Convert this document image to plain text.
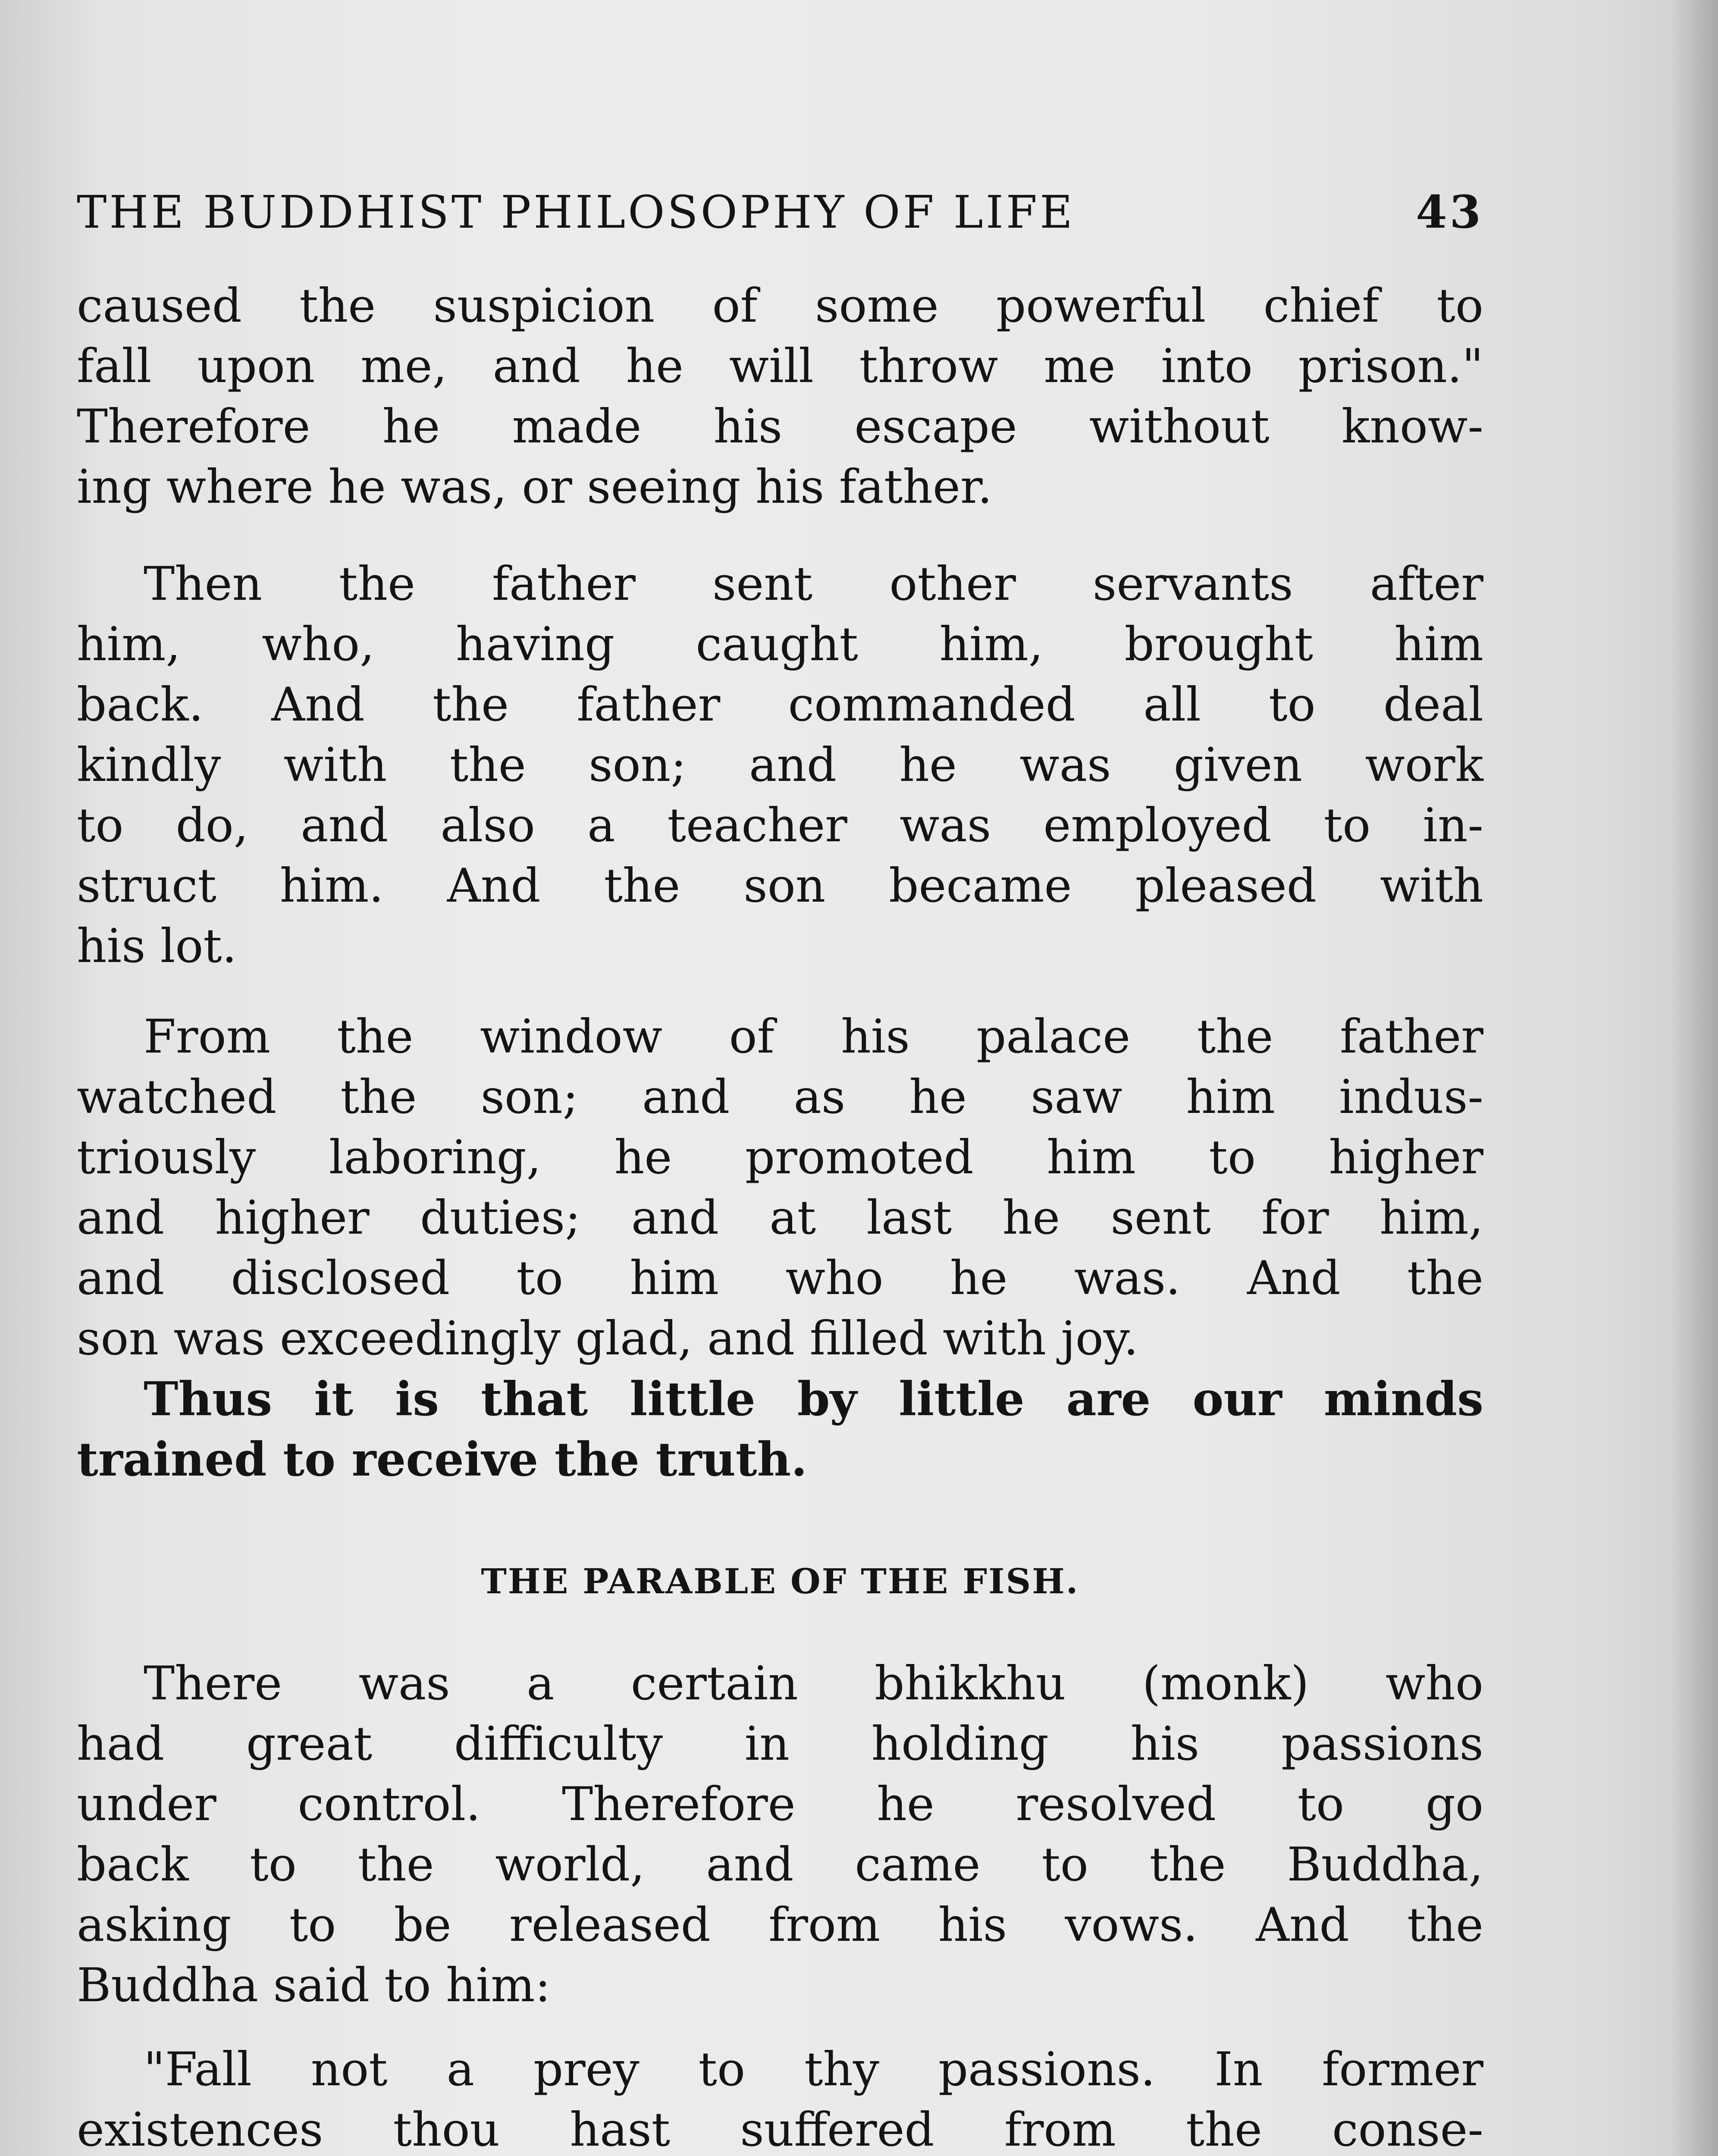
THE BUDDHIST PHILOSOPHY OF LIFE	43

caused the suspicion of some powerful chief to
fall upon me, and he will throw me into prison."
Therefore he made his escape without know-
ing where he was, or seeing his father.

Then the father sent other servants after
him, who, having caught him, brought him
back. And the father commanded all to deal
kindly with the son; and he was given work
to do, and also a teacher was employed to in-
struct him. And the son became pleased with
his lot.

From the window of his palace the father
watched the son; and as he saw him indus-
triously laboring, he promoted him to higher
and higher duties; and at last he sent for him,
and disclosed to him who he was. And the
son was exceedingly glad, and filled with joy.

Thus it is that little by little are our minds
trained to receive the truth.

THE PARABLE OF THE FISH.

There was a certain bhikkhu (monk) who
had great difficulty in holding his passions
under control. Therefore he resolved to go
back to the world, and came to the Buddha,
asking to be released from his vows. And the
Buddha said to him:

"Fall not a prey to thy passions. In former
existences thou hast suffered from the conse-
